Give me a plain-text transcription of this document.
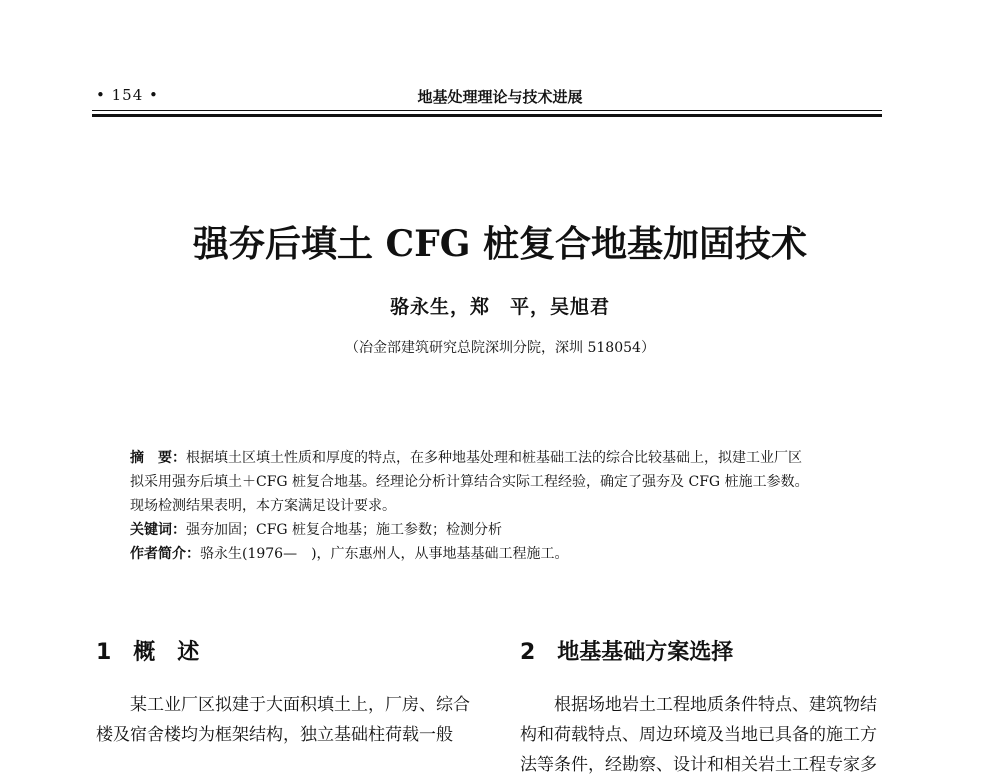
• 154 •	地基处理理论与技术进展
强夯后填土 CFG 桩复合地基加固技术
骆永生，郑　平，吴旭君
（冶金部建筑研究总院深圳分院，深圳 518054）
摘　要：根据填土区填土性质和厚度的特点，在多种地基处理和桩基础工法的综合比较基础上，拟建工业厂区
拟采用强夯后填土＋CFG 桩复合地基。经理论分析计算结合实际工程经验，确定了强夯及 CFG 桩施工参数。
现场检测结果表明，本方案满足设计要求。
关键词：强夯加固；CFG 桩复合地基；施工参数；检测分析
作者简介：骆永生(1976—　)，广东惠州人，从事地基基础工程施工。
1　概　述
　　某工业厂区拟建于大面积填土上，厂房、综合
楼及宿舍楼均为框架结构，独立基础柱荷载一般
2　地基基础方案选择
　　根据场地岩土工程地质条件特点、建筑物结
构和荷载特点、周边环境及当地已具备的施工方
法等条件，经勘察、设计和相关岩土工程专家多
